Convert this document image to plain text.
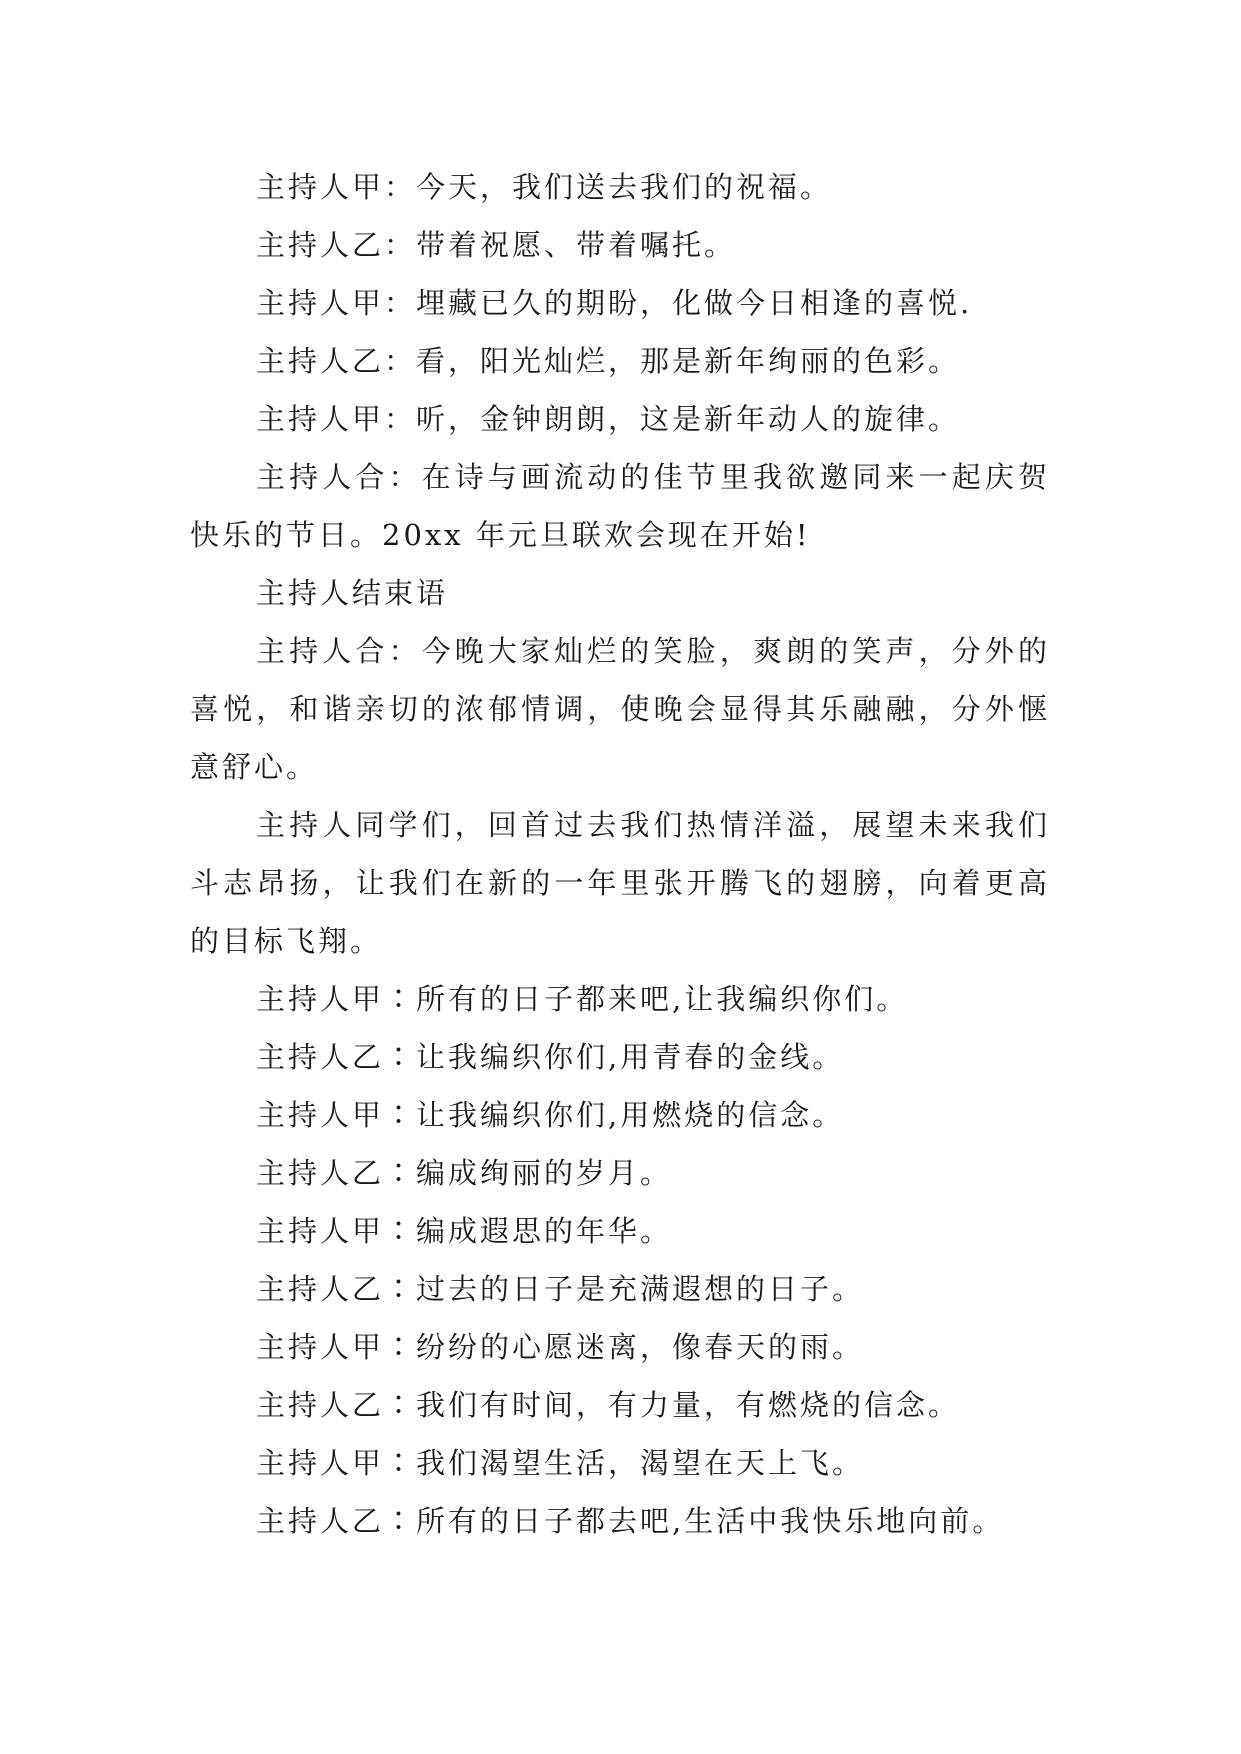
主持人甲：今天，我们送去我们的祝福。

主持人乙：带着祝愿、带着嘱托。

主持人甲：埋藏已久的期盼，化做今日相逢的喜悦.

主持人乙：看，阳光灿烂，那是新年绚丽的色彩。

主持人甲：听，金钟朗朗，这是新年动人的旋律。

主持人合：在诗与画流动的佳节里我欲邀同来一起庆贺快乐的节日。20xx 年元旦联欢会现在开始!

主持人结束语

主持人合：今晚大家灿烂的笑脸，爽朗的笑声，分外的喜悦，和谐亲切的浓郁情调，使晚会显得其乐融融，分外惬意舒心。

主持人同学们，回首过去我们热情洋溢，展望未来我们斗志昂扬，让我们在新的一年里张开腾飞的翅膀，向着更高的目标飞翔。

主持人甲∶所有的日子都来吧,让我编织你们。

主持人乙∶让我编织你们,用青春的金线。

主持人甲∶让我编织你们,用燃烧的信念。

主持人乙∶编成绚丽的岁月。

主持人甲∶编成遐思的年华。

主持人乙∶过去的日子是充满遐想的日子。

主持人甲∶纷纷的心愿迷离，像春天的雨。

主持人乙∶我们有时间，有力量，有燃烧的信念。

主持人甲∶我们渴望生活，渴望在天上飞。

主持人乙∶所有的日子都去吧,生活中我快乐地向前。
